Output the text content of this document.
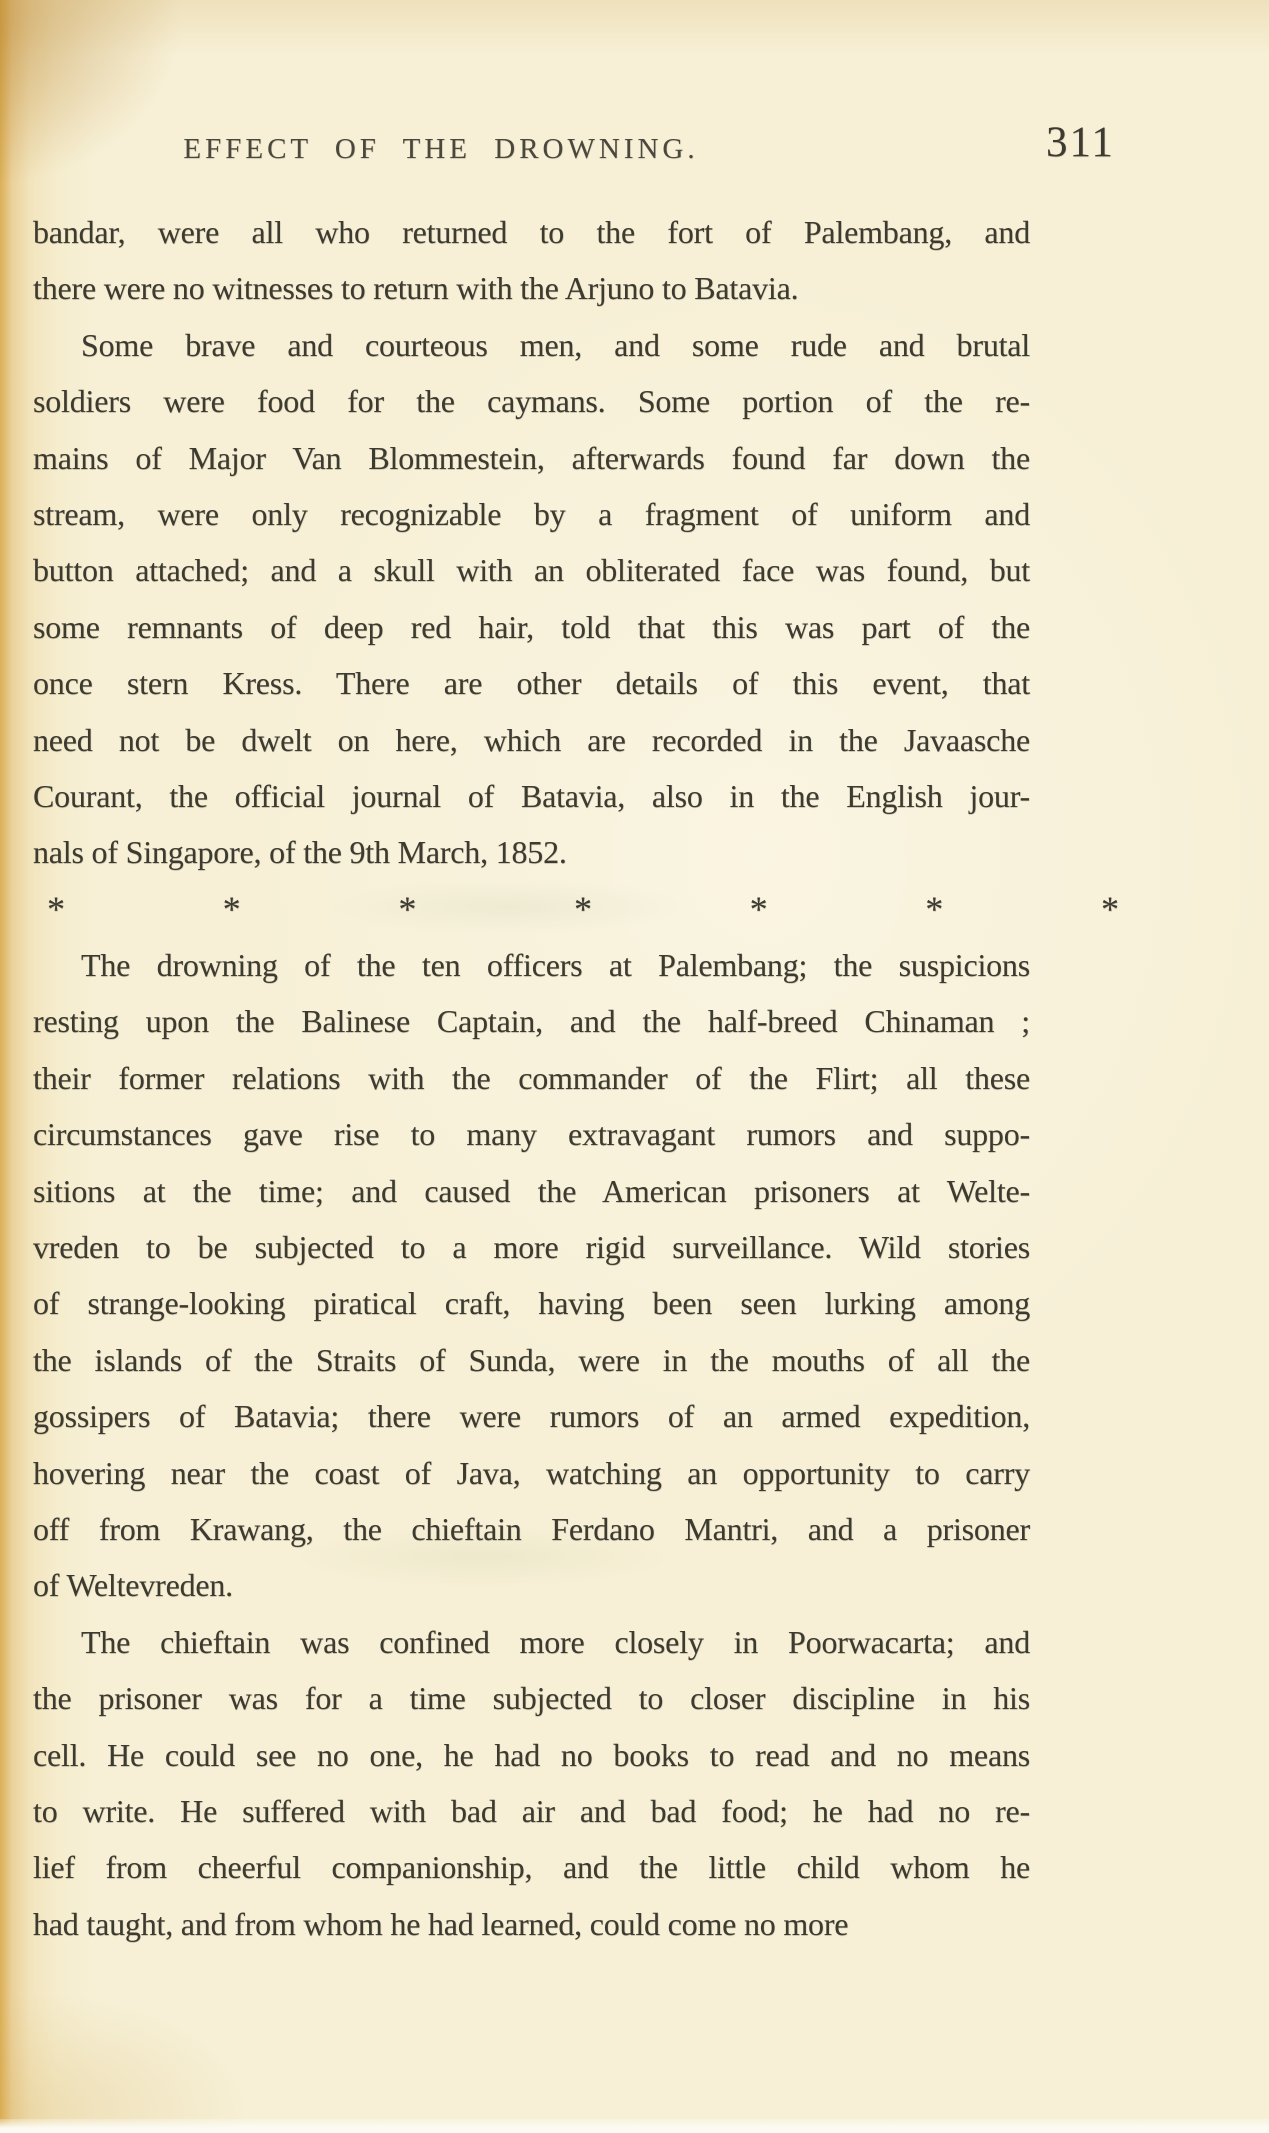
EFFECT OF THE DROWNING.	311
bandar, were all who returned to the fort of Palembang, and
there were no witnesses to return with the Arjuno to Batavia.
Some brave and courteous men, and some rude and brutal
soldiers were food for the caymans. Some portion of the re-
mains of Major Van Blommestein, afterwards found far down the
stream, were only recognizable by a fragment of uniform and
button attached; and a skull with an obliterated face was found, but
some remnants of deep red hair, told that this was part of the
once stern Kress. There are other details of this event, that
need not be dwelt on here, which are recorded in the Javaasche
Courant, the official journal of Batavia, also in the English jour-
nals of Singapore, of the 9th March, 1852.
*	*	*	*	*	*	*
The drowning of the ten officers at Palembang; the suspicions
resting upon the Balinese Captain, and the half-breed Chinaman ;
their former relations with the commander of the Flirt; all these
circumstances gave rise to many extravagant rumors and suppo-
sitions at the time; and caused the American prisoners at Welte-
vreden to be subjected to a more rigid surveillance. Wild stories
of strange-looking piratical craft, having been seen lurking among
the islands of the Straits of Sunda, were in the mouths of all the
gossipers of Batavia; there were rumors of an armed expedition,
hovering near the coast of Java, watching an opportunity to carry
off from Krawang, the chieftain Ferdano Mantri, and a prisoner
of Weltevreden.
The chieftain was confined more closely in Poorwacarta; and
the prisoner was for a time subjected to closer discipline in his
cell. He could see no one, he had no books to read and no means
to write. He suffered with bad air and bad food; he had no re-
lief from cheerful companionship, and the little child whom he
had taught, and from whom he had learned, could come no more
